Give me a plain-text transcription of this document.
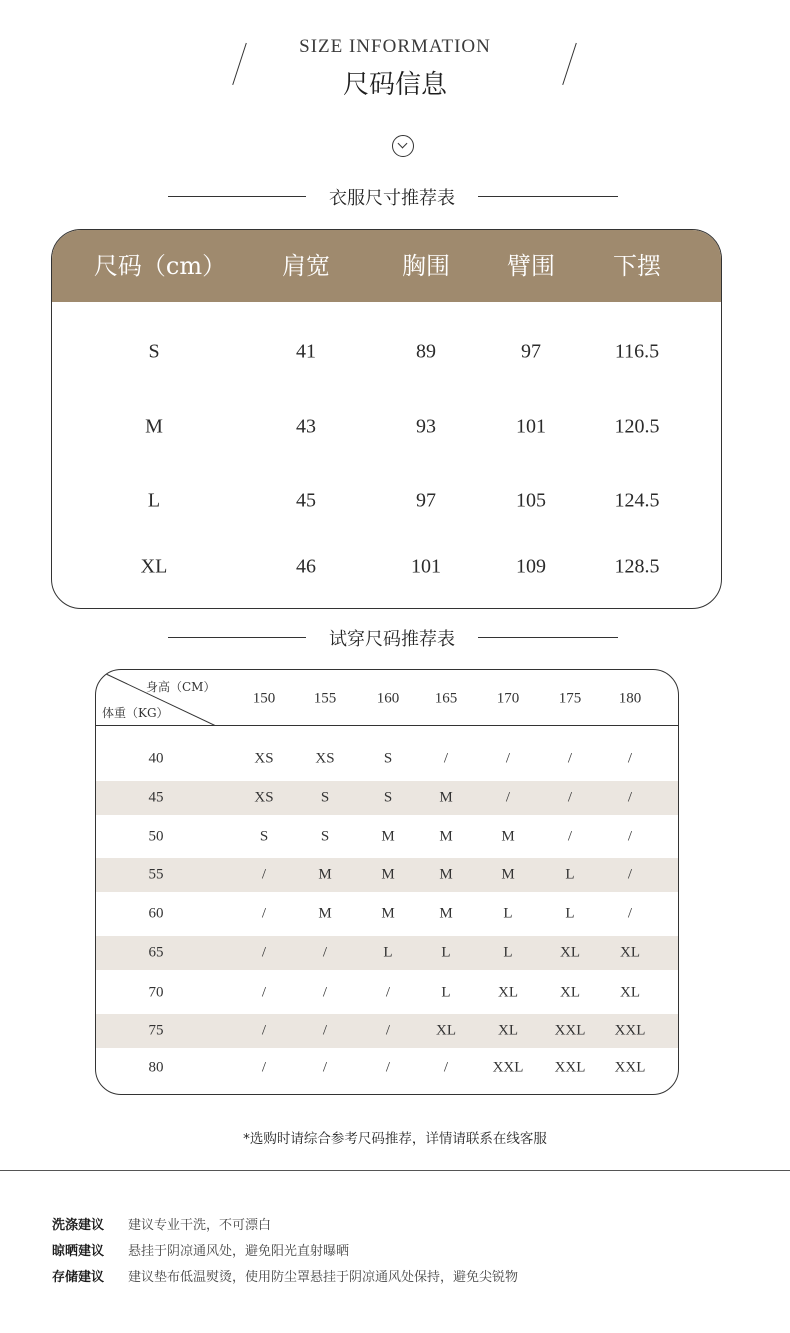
SIZE INFORMATION
尺码信息
衣服尺寸推荐表
尺码（cm） 肩宽	胸围 臂围 下摆
S	41	89	97	116.5
M	43	93	101	120.5
L	45	97	105	124.5
XL	46	101	109	128.5
试穿尺码推荐表
身高（CM）
体重（KG）
150	155	160 165	170	175	180
40	XS	XS	S	/	/	/	/
45	XS	S	S	M	/	/	/
50	S	S	M	M	M	/	/
55	/	M	M	M	M	L	/
60	/	M	M	M	L	L	/
65	/	/	L	L	L	XL	XL
70	/	/	/	L	XL	XL	XL
75	/	/	/	XL	XL XXL XXL
80	/	/	/	/	XXL XXL XXL
*选购时请综合参考尺码推荐，详情请联系在线客服
洗涤建议 建议专业干洗，不可漂白
晾晒建议 悬挂于阴凉通风处，避免阳光直射曝晒
存储建议 建议垫布低温熨烫，使用防尘罩悬挂于阴凉通风处保持，避免尖锐物
